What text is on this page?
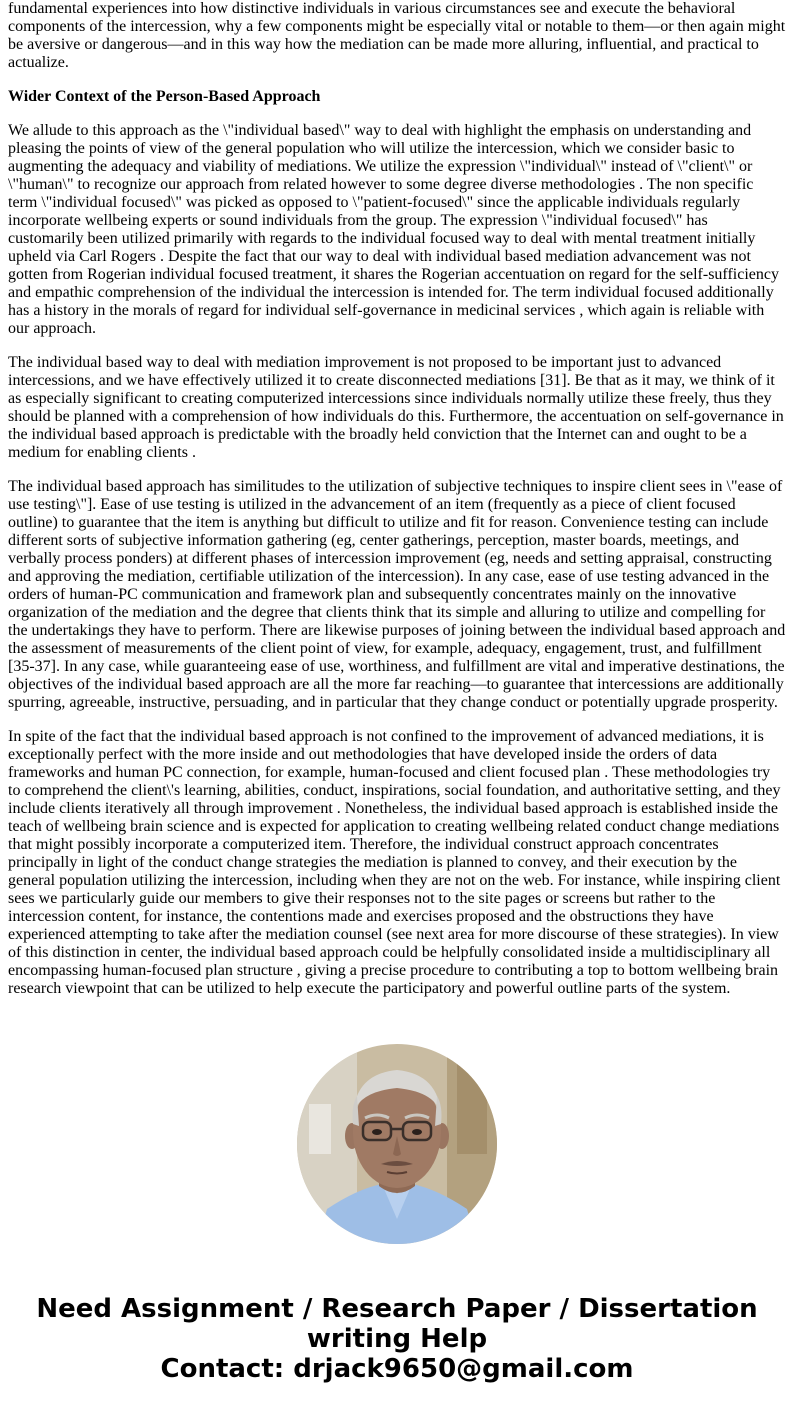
fundamental experiences into how distinctive individuals in various circumstances see and execute the behavioral components of the intercession, why a few components might be especially vital or notable to them—or then again might be aversive or dangerous—and in this way how the mediation can be made more alluring, influential, and practical to actualize.

Wider Context of the Person-Based Approach

We allude to this approach as the \"individual based\" way to deal with highlight the emphasis on understanding and pleasing the points of view of the general population who will utilize the intercession, which we consider basic to augmenting the adequacy and viability of mediations. We utilize the expression \"individual\" instead of \"client\" or \"human\" to recognize our approach from related however to some degree diverse methodologies . The non specific term \"individual focused\" was picked as opposed to \"patient-focused\" since the applicable individuals regularly incorporate wellbeing experts or sound individuals from the group. The expression \"individual focused\" has customarily been utilized primarily with regards to the individual focused way to deal with mental treatment initially upheld via Carl Rogers . Despite the fact that our way to deal with individual based mediation advancement was not gotten from Rogerian individual focused treatment, it shares the Rogerian accentuation on regard for the self-sufficiency and empathic comprehension of the individual the intercession is intended for. The term individual focused additionally has a history in the morals of regard for individual self-governance in medicinal services , which again is reliable with our approach.

The individual based way to deal with mediation improvement is not proposed to be important just to advanced intercessions, and we have effectively utilized it to create disconnected mediations [31]. Be that as it may, we think of it as especially significant to creating computerized intercessions since individuals normally utilize these freely, thus they should be planned with a comprehension of how individuals do this. Furthermore, the accentuation on self-governance in the individual based approach is predictable with the broadly held conviction that the Internet can and ought to be a medium for enabling clients .

The individual based approach has similitudes to the utilization of subjective techniques to inspire client sees in \"ease of use testing\"]. Ease of use testing is utilized in the advancement of an item (frequently as a piece of client focused outline) to guarantee that the item is anything but difficult to utilize and fit for reason. Convenience testing can include different sorts of subjective information gathering (eg, center gatherings, perception, master boards, meetings, and verbally process ponders) at different phases of intercession improvement (eg, needs and setting appraisal, constructing and approving the mediation, certifiable utilization of the intercession). In any case, ease of use testing advanced in the orders of human-PC communication and framework plan and subsequently concentrates mainly on the innovative organization of the mediation and the degree that clients think that its simple and alluring to utilize and compelling for the undertakings they have to perform. There are likewise purposes of joining between the individual based approach and the assessment of measurements of the client point of view, for example, adequacy, engagement, trust, and fulfillment [35-37]. In any case, while guaranteeing ease of use, worthiness, and fulfillment are vital and imperative destinations, the objectives of the individual based approach are all the more far reaching—to guarantee that intercessions are additionally spurring, agreeable, instructive, persuading, and in particular that they change conduct or potentially upgrade prosperity.

In spite of the fact that the individual based approach is not confined to the improvement of advanced mediations, it is exceptionally perfect with the more inside and out methodologies that have developed inside the orders of data frameworks and human PC connection, for example, human-focused and client focused plan . These methodologies try to comprehend the client\'s learning, abilities, conduct, inspirations, social foundation, and authoritative setting, and they include clients iteratively all through improvement . Nonetheless, the individual based approach is established inside the teach of wellbeing brain science and is expected for application to creating wellbeing related conduct change mediations that might possibly incorporate a computerized item. Therefore, the individual construct approach concentrates principally in light of the conduct change strategies the mediation is planned to convey, and their execution by the general population utilizing the intercession, including when they are not on the web. For instance, while inspiring client sees we particularly guide our members to give their responses not to the site pages or screens but rather to the intercession content, for instance, the contentions made and exercises proposed and the obstructions they have experienced attempting to take after the mediation counsel (see next area for more discourse of these strategies). In view of this distinction in center, the individual based approach could be helpfully consolidated inside a multidisciplinary all encompassing human-focused plan structure , giving a precise procedure to contributing a top to bottom wellbeing brain research viewpoint that can be utilized to help execute the participatory and powerful outline parts of the system.

Need Assignment / Research Paper / Dissertation
writing Help
Contact: drjack9650@gmail.com
